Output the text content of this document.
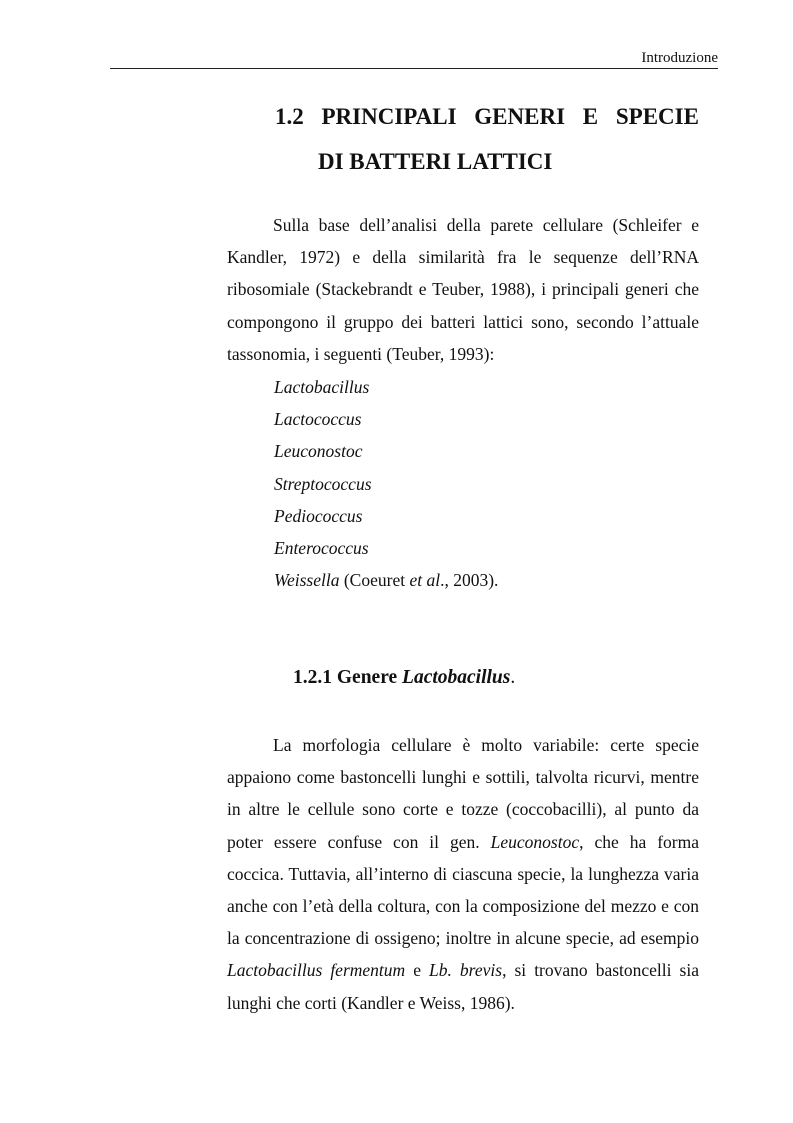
Introduzione
1.2 PRINCIPALI GENERI E SPECIE
DI BATTERI LATTICI

Sulla base dell’analisi della parete cellulare (Schleifer e Kandler, 1972) e della similarità fra le sequenze dell’RNA ribosomiale (Stackebrandt e Teuber, 1988), i principali generi che compongono il gruppo dei batteri lattici sono, secondo l’attuale tassonomia, i seguenti (Teuber, 1993):

Lactobacillus
Lactococcus
Leuconostoc
Streptococcus
Pediococcus
Enterococcus
Weissella (Coeuret et al., 2003).
1.2.1 Genere Lactobacillus.

La morfologia cellulare è molto variabile: certe specie appaiono come bastoncelli lunghi e sottili, talvolta ricurvi, mentre in altre le cellule sono corte e tozze (coccobacilli), al punto da poter essere confuse con il gen. Leuconostoc, che ha forma coccica. Tuttavia, all’interno di ciascuna specie, la lunghezza varia anche con l’età della coltura, con la composizione del mezzo e con la concentrazione di ossigeno; inoltre in alcune specie, ad esempio Lactobacillus fermentum e Lb. brevis, si trovano bastoncelli sia lunghi che corti (Kandler e Weiss, 1986).
